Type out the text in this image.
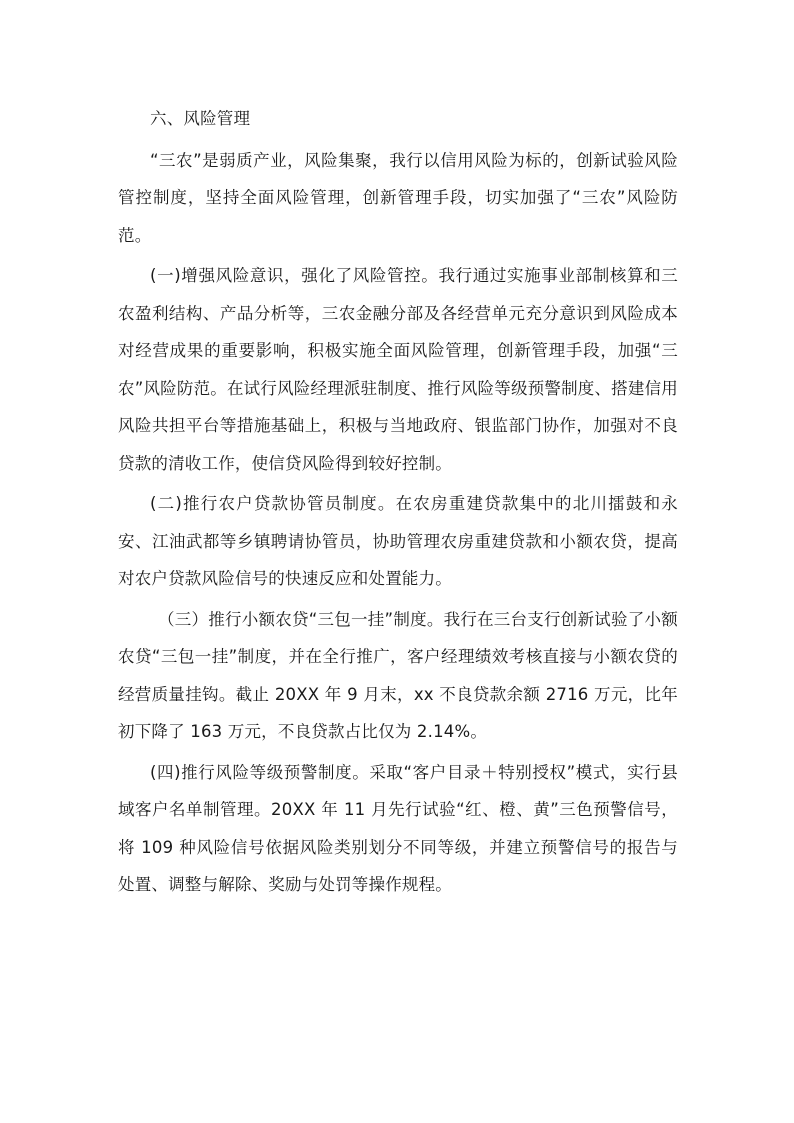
六、风险管理

“三农”是弱质产业，风险集聚，我行以信用风险为标的，创新试验风险管控制度，坚持全面风险管理，创新管理手段，切实加强了“三农”风险防范。

(一)增强风险意识，强化了风险管控。我行通过实施事业部制核算和三农盈利结构、产品分析等，三农金融分部及各经营单元充分意识到风险成本对经营成果的重要影响，积极实施全面风险管理，创新管理手段，加强“三农”风险防范。在试行风险经理派驻制度、推行风险等级预警制度、搭建信用风险共担平台等措施基础上，积极与当地政府、银监部门协作，加强对不良贷款的清收工作，使信贷风险得到较好控制。

(二)推行农户贷款协管员制度。在农房重建贷款集中的北川擂鼓和永安、江油武都等乡镇聘请协管员，协助管理农房重建贷款和小额农贷，提高对农户贷款风险信号的快速反应和处置能力。

（三）推行小额农贷“三包一挂”制度。我行在三台支行创新试验了小额农贷“三包一挂”制度，并在全行推广，客户经理绩效考核直接与小额农贷的经营质量挂钩。截止 20XX 年 9 月末，xx 不良贷款余额 2716 万元，比年初下降了 163 万元，不良贷款占比仅为 2.14%。

(四)推行风险等级预警制度。采取“客户目录＋特别授权”模式，实行县域客户名单制管理。20XX 年 11 月先行试验“红、橙、黄”三色预警信号，将 109 种风险信号依据风险类别划分不同等级，并建立预警信号的报告与处置、调整与解除、奖励与处罚等操作规程。
